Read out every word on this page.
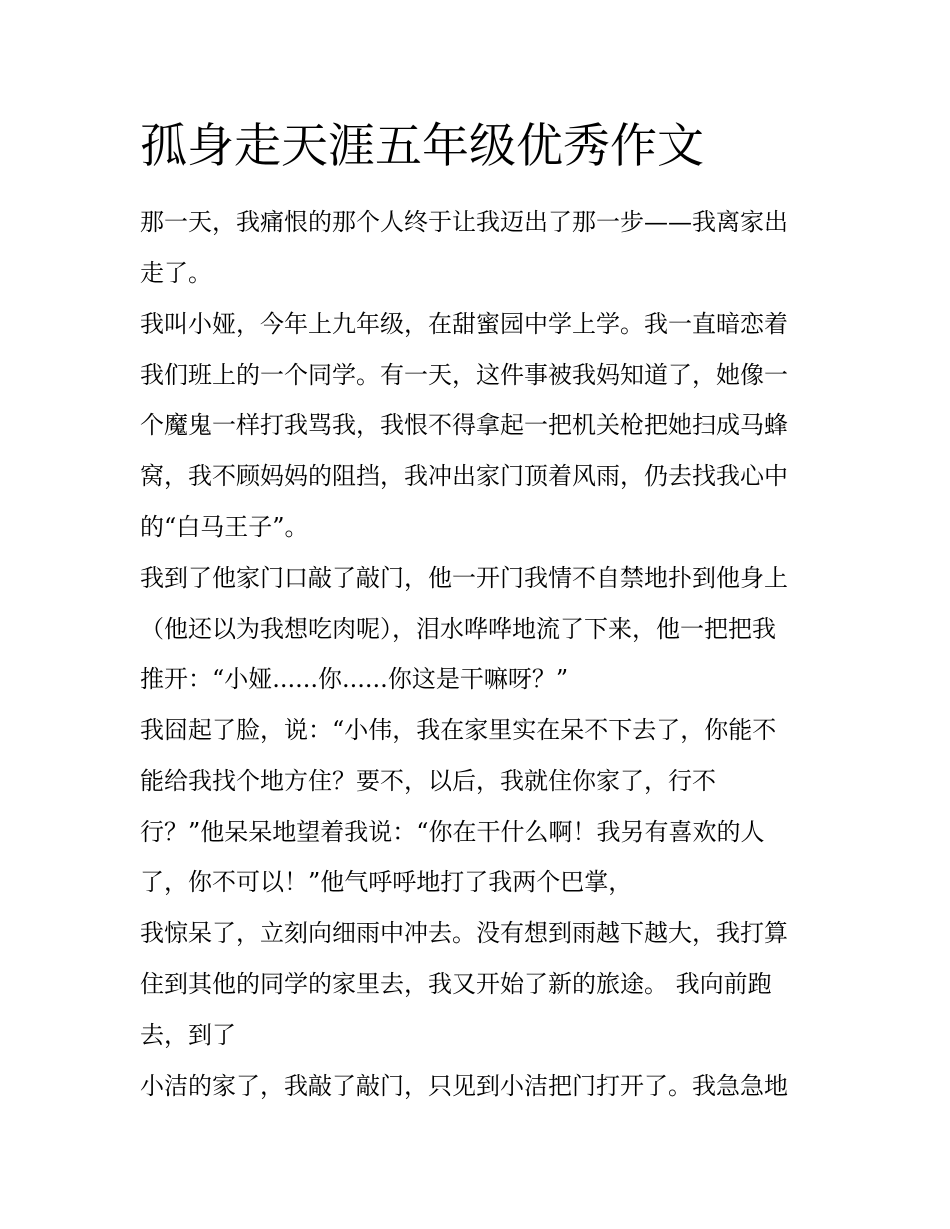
孤身走天涯五年级优秀作文

那一天，我痛恨的那个人终于让我迈出了那一步——我离家出

走了。

我叫小娅，今年上九年级，在甜蜜园中学上学。我一直暗恋着

我们班上的一个同学。有一天，这件事被我妈知道了，她像一

个魔鬼一样打我骂我，我恨不得拿起一把机关枪把她扫成马蜂

窝，我不顾妈妈的阻挡，我冲出家门顶着风雨，仍去找我心中

的“白马王子”。

我到了他家门口敲了敲门，他一开门我情不自禁地扑到他身上

（他还以为我想吃肉呢），泪水哗哗地流了下来，他一把把我

推开：“小娅......你......你这是干嘛呀？”

我囧起了脸，说：“小伟，我在家里实在呆不下去了，你能不

能给我找个地方住？要不，以后，我就住你家了，行不

行？”他呆呆地望着我说：“你在干什么啊！我另有喜欢的人

了，你不可以！”他气呼呼地打了我两个巴掌，

我惊呆了，立刻向细雨中冲去。没有想到雨越下越大，我打算

住到其他的同学的家里去，我又开始了新的旅途。 我向前跑

去，到了

小洁的家了，我敲了敲门，只见到小洁把门打开了。我急急地
